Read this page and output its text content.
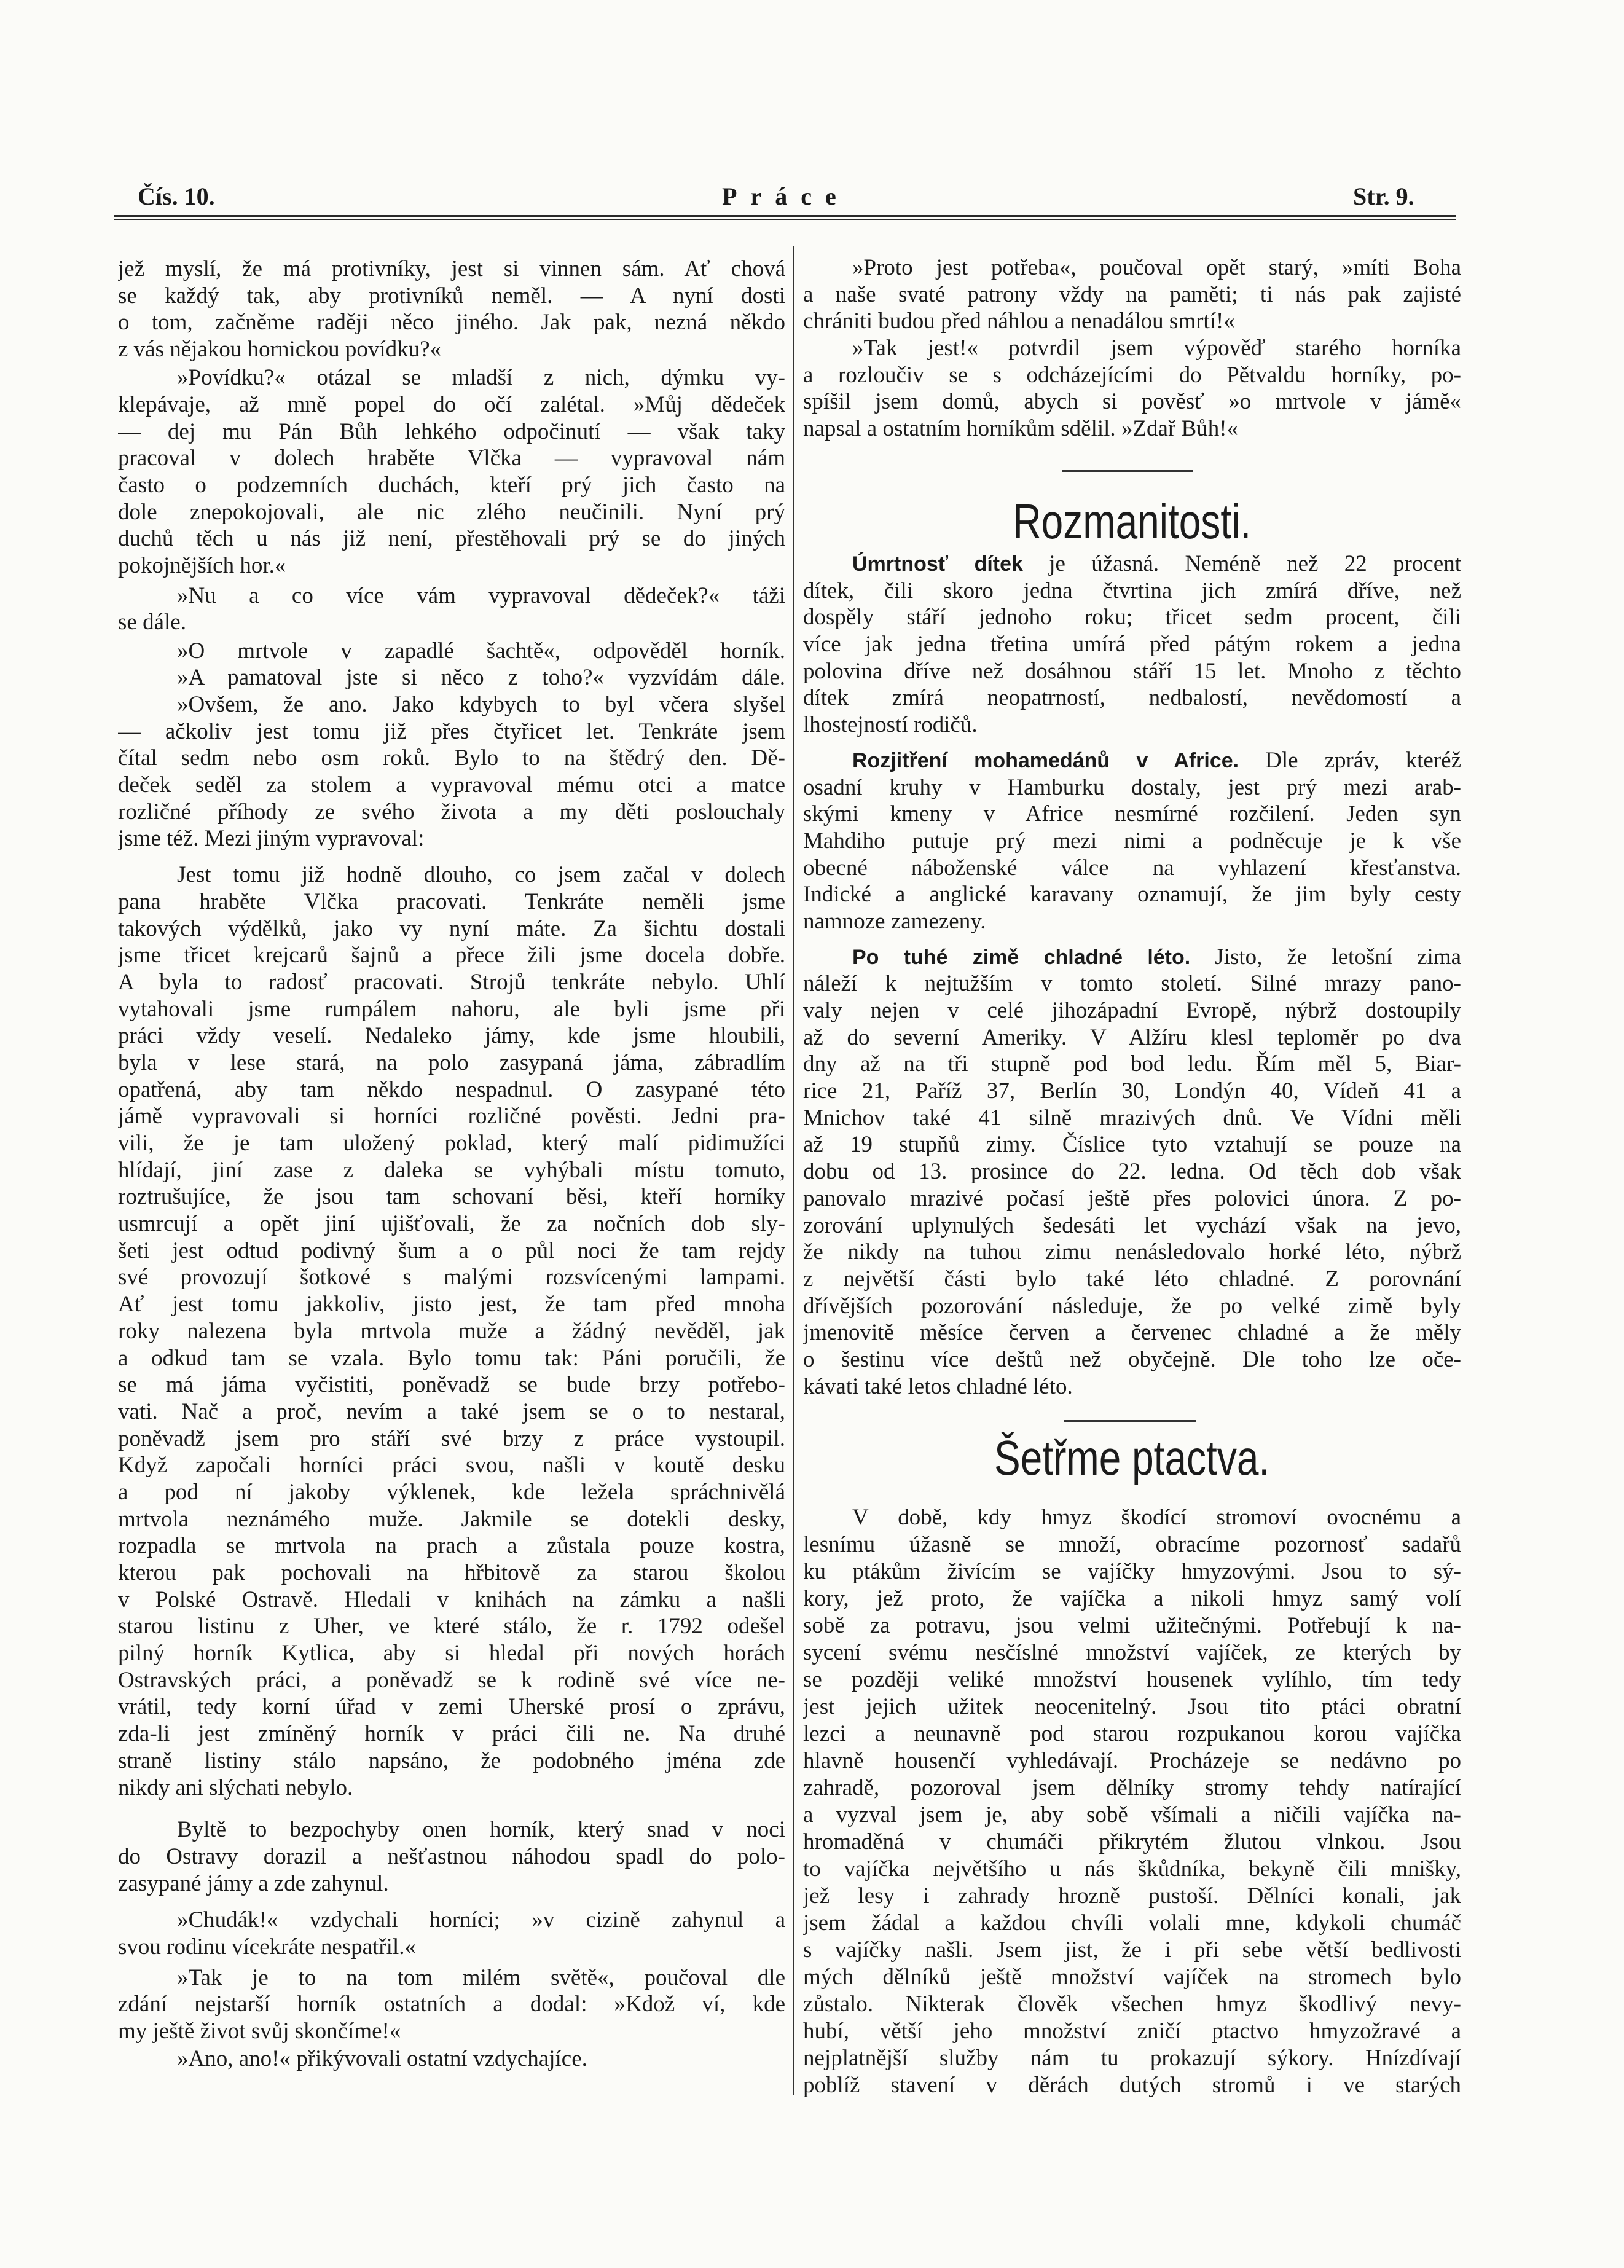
Čís. 10.	Práce	Str. 9.
jež myslí, že má protivníky, jest si vinnen sám. Ať chová
se každý tak, aby protivníků neměl. — A nyní dosti
o tom, začněme raději něco jiného. Jak pak, nezná někdo
z vás nějakou hornickou povídku?«
»Povídku?« otázal se mladší z nich, dýmku vy-
klepávaje, až mně popel do očí zalétal. »Můj dědeček
— dej mu Pán Bůh lehkého odpočinutí — však taky
pracoval v dolech hraběte Vlčka — vypravoval nám
často o podzemních duchách, kteří prý jich často na
dole znepokojovali, ale nic zlého neučinili. Nyní prý
duchů těch u nás již není, přestěhovali prý se do jiných
pokojnějších hor.«
»Nu a co více vám vypravoval dědeček?« táži
se dále.
»O mrtvole v zapadlé šachtě«, odpověděl horník.
»A pamatoval jste si něco z toho?« vyzvídám dále.
»Ovšem, že ano. Jako kdybych to byl včera slyšel
— ačkoliv jest tomu již přes čtyřicet let. Tenkráte jsem
čítal sedm nebo osm roků. Bylo to na štědrý den. Dě-
deček seděl za stolem a vypravoval mému otci a matce
rozličné příhody ze svého života a my děti poslouchaly
jsme též. Mezi jiným vypravoval:
Jest tomu již hodně dlouho, co jsem začal v dolech
pana hraběte Vlčka pracovati. Tenkráte neměli jsme
takových výdělků, jako vy nyní máte. Za šichtu dostali
jsme třicet krejcarů šajnů a přece žili jsme docela dobře.
A byla to radosť pracovati. Strojů tenkráte nebylo. Uhlí
vytahovali jsme rumpálem nahoru, ale byli jsme při
práci vždy veselí. Nedaleko jámy, kde jsme hloubili,
byla v lese stará, na polo zasypaná jáma, zábradlím
opatřená, aby tam někdo nespadnul. O zasypané této
jámě vypravovali si horníci rozličné pověsti. Jedni pra-
vili, že je tam uložený poklad, který malí pidimužíci
hlídají, jiní zase z daleka se vyhýbali místu tomuto,
roztrušujíce, že jsou tam schovaní běsi, kteří horníky
usmrcují a opět jiní ujišťovali, že za nočních dob sly-
šeti jest odtud podivný šum a o půl noci že tam rejdy
své provozují šotkové s malými rozsvícenými lampami.
Ať jest tomu jakkoliv, jisto jest, že tam před mnoha
roky nalezena byla mrtvola muže a žádný nevěděl, jak
a odkud tam se vzala. Bylo tomu tak: Páni poručili, že
se má jáma vyčistiti, poněvadž se bude brzy potřebo-
vati. Nač a proč, nevím a také jsem se o to nestaral,
poněvadž jsem pro stáří své brzy z práce vystoupil.
Když započali horníci práci svou, našli v koutě desku
a pod ní jakoby výklenek, kde ležela spráchnivělá
mrtvola neznámého muže. Jakmile se dotekli desky,
rozpadla se mrtvola na prach a zůstala pouze kostra,
kterou pak pochovali na hřbitově za starou školou
v Polské Ostravě. Hledali v knihách na zámku a našli
starou listinu z Uher, ve které stálo, že r. 1792 odešel
pilný horník Kytlica, aby si hledal při nových horách
Ostravských práci, a poněvadž se k rodině své více ne-
vrátil, tedy korní úřad v zemi Uherské prosí o zprávu,
zda-li jest zmíněný horník v práci čili ne. Na druhé
straně listiny stálo napsáno, že podobného jména zde
nikdy ani slýchati nebylo.
Byltě to bezpochyby onen horník, který snad v noci
do Ostravy dorazil a nešťastnou náhodou spadl do polo-
zasypané jámy a zde zahynul.
»Chudák!« vzdychali horníci; »v cizině zahynul a
svou rodinu vícekráte nespatřil.«
»Tak je to na tom milém světě«, poučoval dle
zdání nejstarší horník ostatních a dodal: »Kdož ví, kde
my ještě život svůj skončíme!«
»Ano, ano!« přikývovali ostatní vzdychajíce.
»Proto jest potřeba«, poučoval opět starý, »míti Boha
a naše svaté patrony vždy na paměti; ti nás pak zajisté
chrániti budou před náhlou a nenadálou smrtí!«
»Tak jest!« potvrdil jsem výpověď starého horníka
a rozloučiv se s odcházejícími do Pětvaldu horníky, po-
spíšil jsem domů, abych si pověsť »o mrtvole v jámě«
napsal a ostatním horníkům sdělil. »Zdař Bůh!«
Rozmanitosti.
Úmrtnosť dítek je úžasná. Neméně než 22 procent
dítek, čili skoro jedna čtvrtina jich zmírá dříve, než
dospěly stáří jednoho roku; třicet sedm procent, čili
více jak jedna třetina umírá před pátým rokem a jedna
polovina dříve než dosáhnou stáří 15 let. Mnoho z těchto
dítek zmírá neopatrností, nedbalostí, nevědomostí a
lhostejností rodičů.
Rozjitření mohamedánů v Africe. Dle zpráv, kteréž
osadní kruhy v Hamburku dostaly, jest prý mezi arab-
skými kmeny v Africe nesmírné rozčilení. Jeden syn
Mahdiho putuje prý mezi nimi a podněcuje je k vše
obecné náboženské válce na vyhlazení křesťanstva.
Indické a anglické karavany oznamují, že jim byly cesty
namnoze zamezeny.
Po tuhé zimě chladné léto. Jisto, že letošní zima
náleží k nejtužším v tomto století. Silné mrazy pano-
valy nejen v celé jihozápadní Evropě, nýbrž dostoupily
až do severní Ameriky. V Alžíru klesl teploměr po dva
dny až na tři stupně pod bod ledu. Řím měl 5, Biar-
rice 21, Paříž 37, Berlín 30, Londýn 40, Vídeň 41 a
Mnichov také 41 silně mrazivých dnů. Ve Vídni měli
až 19 stupňů zimy. Číslice tyto vztahují se pouze na
dobu od 13. prosince do 22. ledna. Od těch dob však
panovalo mrazivé počasí ještě přes polovici února. Z po-
zorování uplynulých šedesáti let vychází však na jevo,
že nikdy na tuhou zimu nenásledovalo horké léto, nýbrž
z největší části bylo také léto chladné. Z porovnání
dřívějších pozorování následuje, že po velké zimě byly
jmenovitě měsíce červen a červenec chladné a že měly
o šestinu více deštů než obyčejně. Dle toho lze oče-
kávati také letos chladné léto.
Šetřme ptactva.
V době, kdy hmyz škodící stromoví ovocnému a
lesnímu úžasně se množí, obracíme pozornosť sadařů
ku ptákům živícím se vajíčky hmyzovými. Jsou to sý-
kory, jež proto, že vajíčka a nikoli hmyz samý volí
sobě za potravu, jsou velmi užitečnými. Potřebují k na-
sycení svému nesčíslné množství vajíček, ze kterých by
se později veliké množství housenek vylíhlo, tím tedy
jest jejich užitek neocenitelný. Jsou tito ptáci obratní
lezci a neunavně pod starou rozpukanou korou vajíčka
hlavně housenčí vyhledávají. Procházeje se nedávno po
zahradě, pozoroval jsem dělníky stromy tehdy natírající
a vyzval jsem je, aby sobě všímali a ničili vajíčka na-
hromaděná v chumáči přikrytém žlutou vlnkou. Jsou
to vajíčka největšího u nás škůdníka, bekyně čili mnišky,
jež lesy i zahrady hrozně pustoší. Dělníci konali, jak
jsem žádal a každou chvíli volali mne, kdykoli chumáč
s vajíčky našli. Jsem jist, že i při sebe větší bedlivosti
mých dělníků ještě množství vajíček na stromech bylo
zůstalo. Nikterak člověk všechen hmyz škodlivý nevy-
hubí, větší jeho množství zničí ptactvo hmyzožravé a
nejplatnější služby nám tu prokazují sýkory. Hnízdívají
poblíž stavení v děrách dutých stromů i ve starých
